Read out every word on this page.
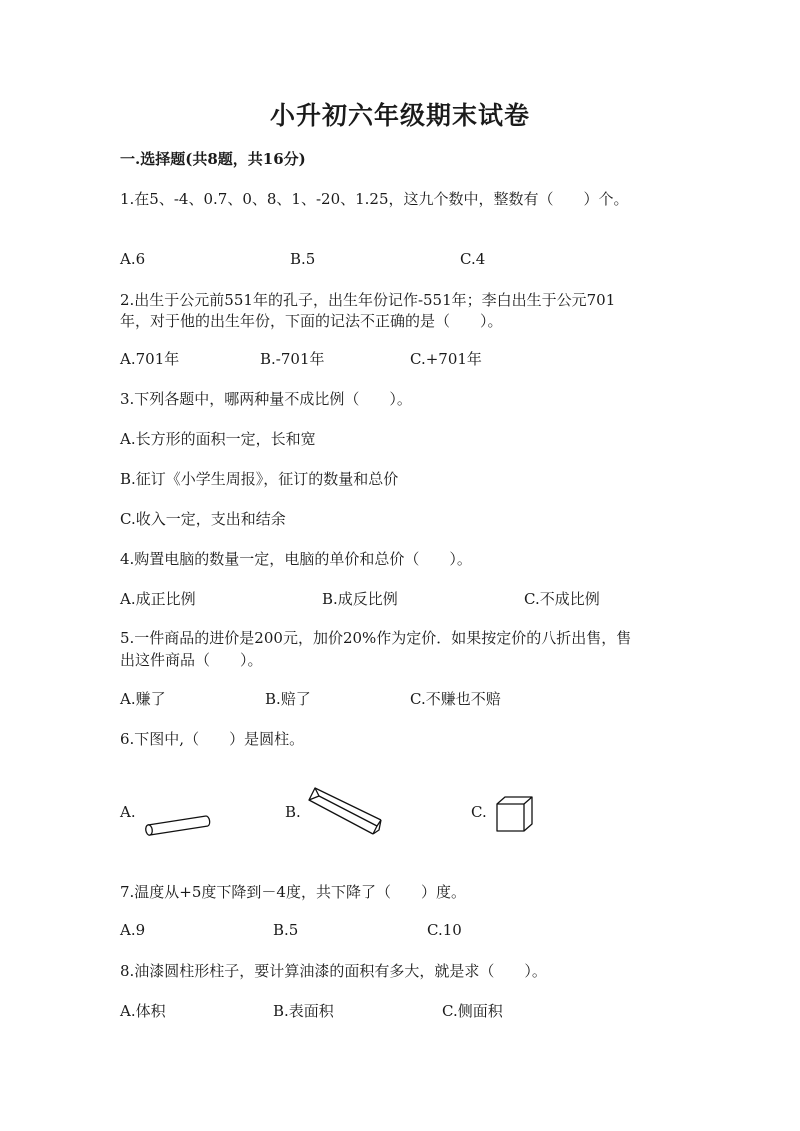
小升初六年级期末试卷
一.选择题(共8题，共16分)
1.在5、-4、0.7、0、8、1、-20、1.25，这九个数中，整数有（　　）个。
A.6	B.5	C.4
2.出生于公元前551年的孔子，出生年份记作-551年；李白出生于公元701
年，对于他的出生年份，下面的记法不正确的是（　　）。
A.701年	B.-701年	C.+701年
3.下列各题中，哪两种量不成比例（　　）。
A.长方形的面积一定，长和宽
B.征订《小学生周报》，征订的数量和总价
C.收入一定，支出和结余
4.购置电脑的数量一定，电脑的单价和总价（　　）。
A.成正比例	B.成反比例	C.不成比例
5.一件商品的进价是200元，加价20%作为定价．如果按定价的八折出售，售
出这件商品（　　）。
A.赚了	B.赔了	C.不赚也不赔
6.下图中,（　　）是圆柱。
A.	B.	C.
7.温度从+5度下降到－4度，共下降了（　　）度。
A.9	B.5	C.10
8.油漆圆柱形柱子，要计算油漆的面积有多大，就是求（　　）。
A.体积	B.表面积	C.侧面积
